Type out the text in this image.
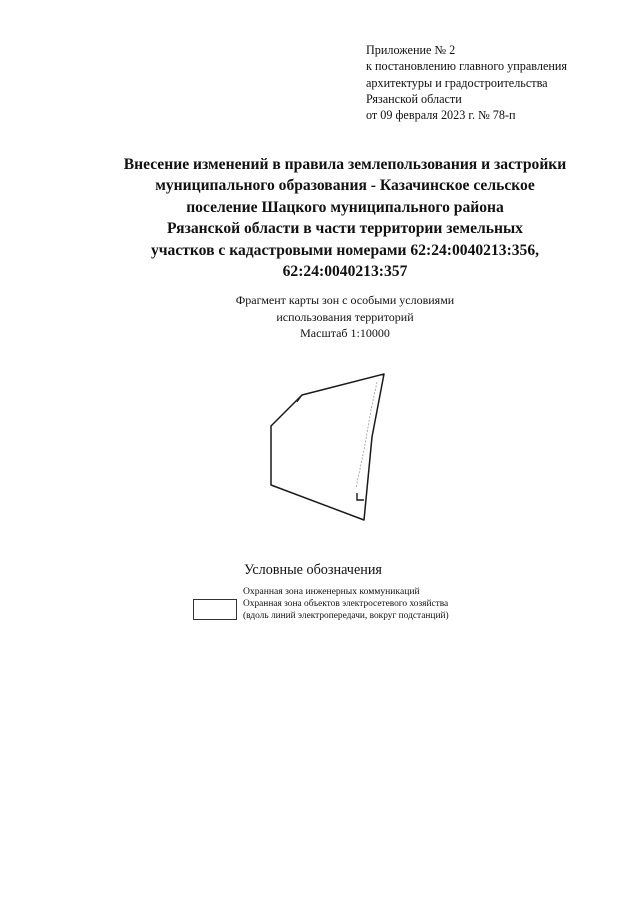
Приложение № 2
к постановлению главного управления
архитектуры и градостроительства
Рязанской области
от 09 февраля 2023 г. № 78-п
Внесение изменений в правила землепользования и застройки
муниципального образования - Казачинское сельское
поселение Шацкого муниципального района
Рязанской области в части территории земельных
участков с кадастровыми номерами 62:24:0040213:356,
62:24:0040213:357
Фрагмент карты зон с особыми условиями
использования территорий
Масштаб 1:10000
Условные обозначения
Охранная зона инженерных коммуникаций
Охранная зона объектов электросетевого хозяйства
(вдоль линий электропередачи, вокруг подстанций)
